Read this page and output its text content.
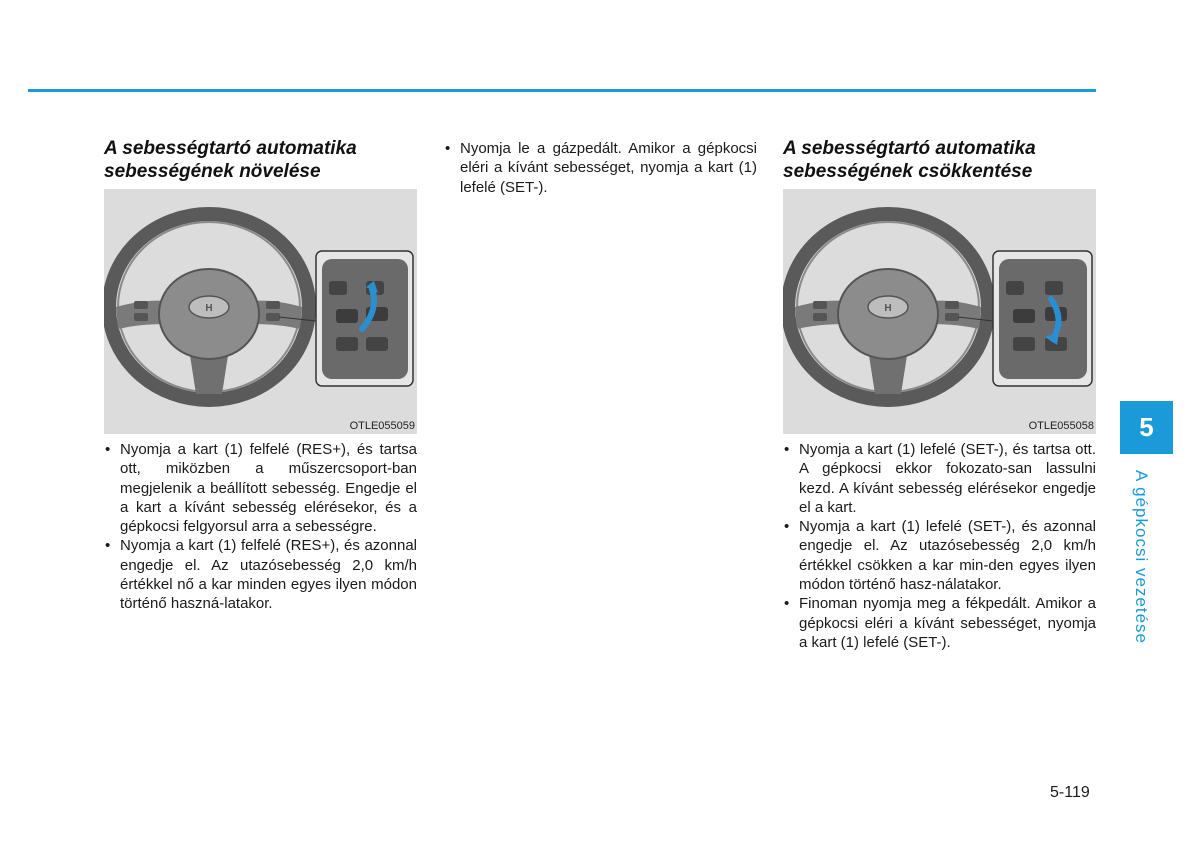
A sebességtartó automatika sebességének növelése
H
OTLE055059
• Nyomja a kart (1) felfelé (RES+), és tartsa ott, miközben a műszercsoport-ban megjelenik a beállított sebesség. Engedje el a kart a kívánt sebesség elérésekor, és a gépkocsi felgyorsul arra a sebességre.
• Nyomja a kart (1) felfelé (RES+), és azonnal engedje el. Az utazósebesség 2,0 km/h értékkel nő a kar minden egyes ilyen módon történő haszná-latakor.
• Nyomja le a gázpedált. Amikor a gépkocsi eléri a kívánt sebességet, nyomja a kart (1) lefelé (SET-).
A sebességtartó automatika sebességének csökkentése
H
OTLE055058
• Nyomja a kart (1) lefelé (SET-), és tartsa ott. A gépkocsi ekkor fokozato-san lassulni kezd. A kívánt sebesség elérésekor engedje el a kart.
• Nyomja a kart (1) lefelé (SET-), és azonnal engedje el. Az utazósebesség 2,0 km/h értékkel csökken a kar min-den egyes ilyen módon történő hasz-nálatakor.
• Finoman nyomja meg a fékpedált. Amikor a gépkocsi eléri a kívánt sebességet, nyomja a kart (1) lefelé (SET-).
5
A gépkocsi vezetése
5-119
